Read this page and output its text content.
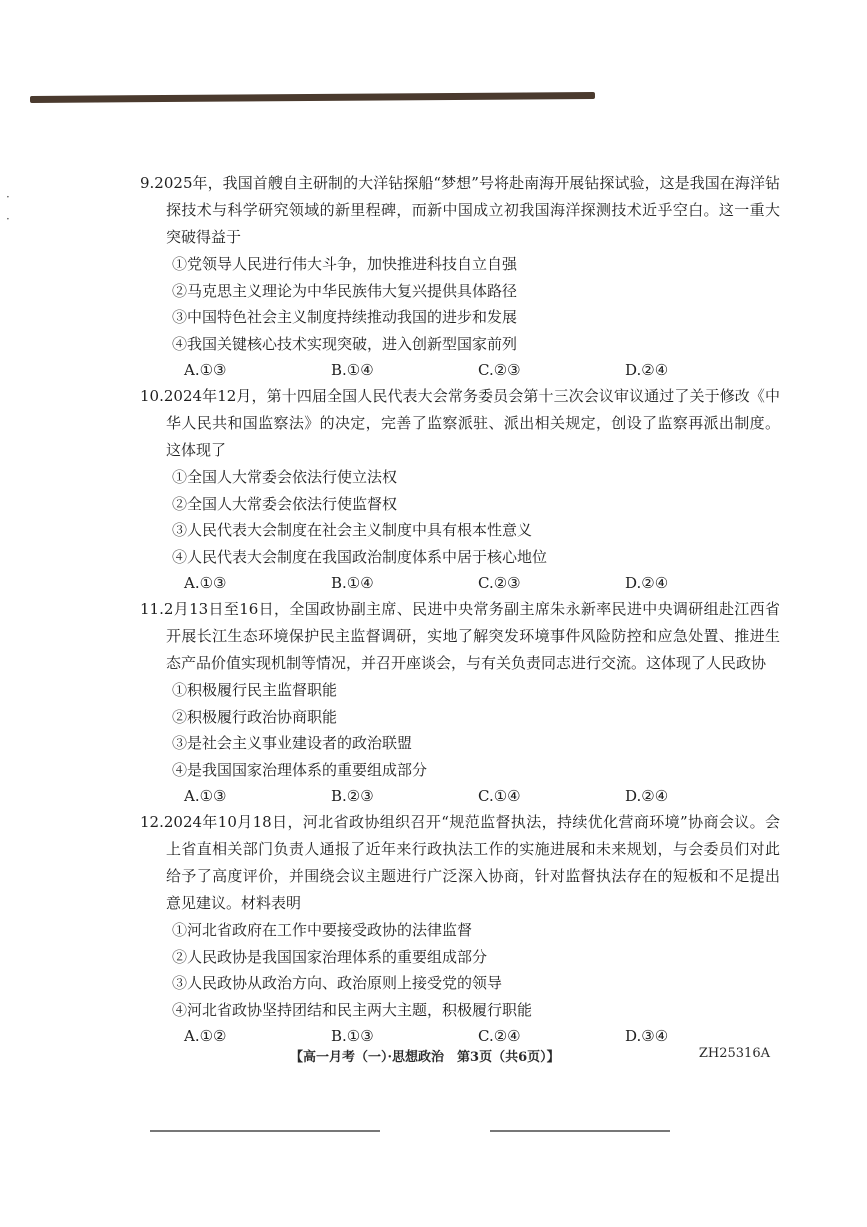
·
·

9.2025年，我国首艘自主研制的大洋钻探船“梦想”号将赴南海开展钻探试验，这是我国在海洋钻探技术与科学研究领域的新里程碑，而新中国成立初我国海洋探测技术近乎空白。这一重大突破得益于

①党领导人民进行伟大斗争，加快推进科技自立自强

②马克思主义理论为中华民族伟大复兴提供具体路径

③中国特色社会主义制度持续推动我国的进步和发展

④我国关键核心技术实现突破，进入创新型国家前列

A.①③	B.①④	C.②③	D.②④

10.2024年12月，第十四届全国人民代表大会常务委员会第十三次会议审议通过了关于修改《中华人民共和国监察法》的决定，完善了监察派驻、派出相关规定，创设了监察再派出制度。这体现了

①全国人大常委会依法行使立法权

②全国人大常委会依法行使监督权

③人民代表大会制度在社会主义制度中具有根本性意义

④人民代表大会制度在我国政治制度体系中居于核心地位

A.①③	B.①④	C.②③	D.②④

11.2月13日至16日，全国政协副主席、民进中央常务副主席朱永新率民进中央调研组赴江西省开展长江生态环境保护民主监督调研，实地了解突发环境事件风险防控和应急处置、推进生态产品价值实现机制等情况，并召开座谈会，与有关负责同志进行交流。这体现了人民政协

①积极履行民主监督职能

②积极履行政治协商职能

③是社会主义事业建设者的政治联盟

④是我国国家治理体系的重要组成部分

A.①③	B.②③	C.①④	D.②④

12.2024年10月18日，河北省政协组织召开“规范监督执法，持续优化营商环境”协商会议。会上省直相关部门负责人通报了近年来行政执法工作的实施进展和未来规划，与会委员们对此给予了高度评价，并围绕会议主题进行广泛深入协商，针对监督执法存在的短板和不足提出意见建议。材料表明

①河北省政府在工作中要接受政协的法律监督

②人民政协是我国国家治理体系的重要组成部分

③人民政协从政治方向、政治原则上接受党的领导

④河北省政协坚持团结和民主两大主题，积极履行职能

A.①②	B.①③	C.②④	D.③④
【高一月考（一）·思想政治　第3页（共6页）】	ZH25316A
